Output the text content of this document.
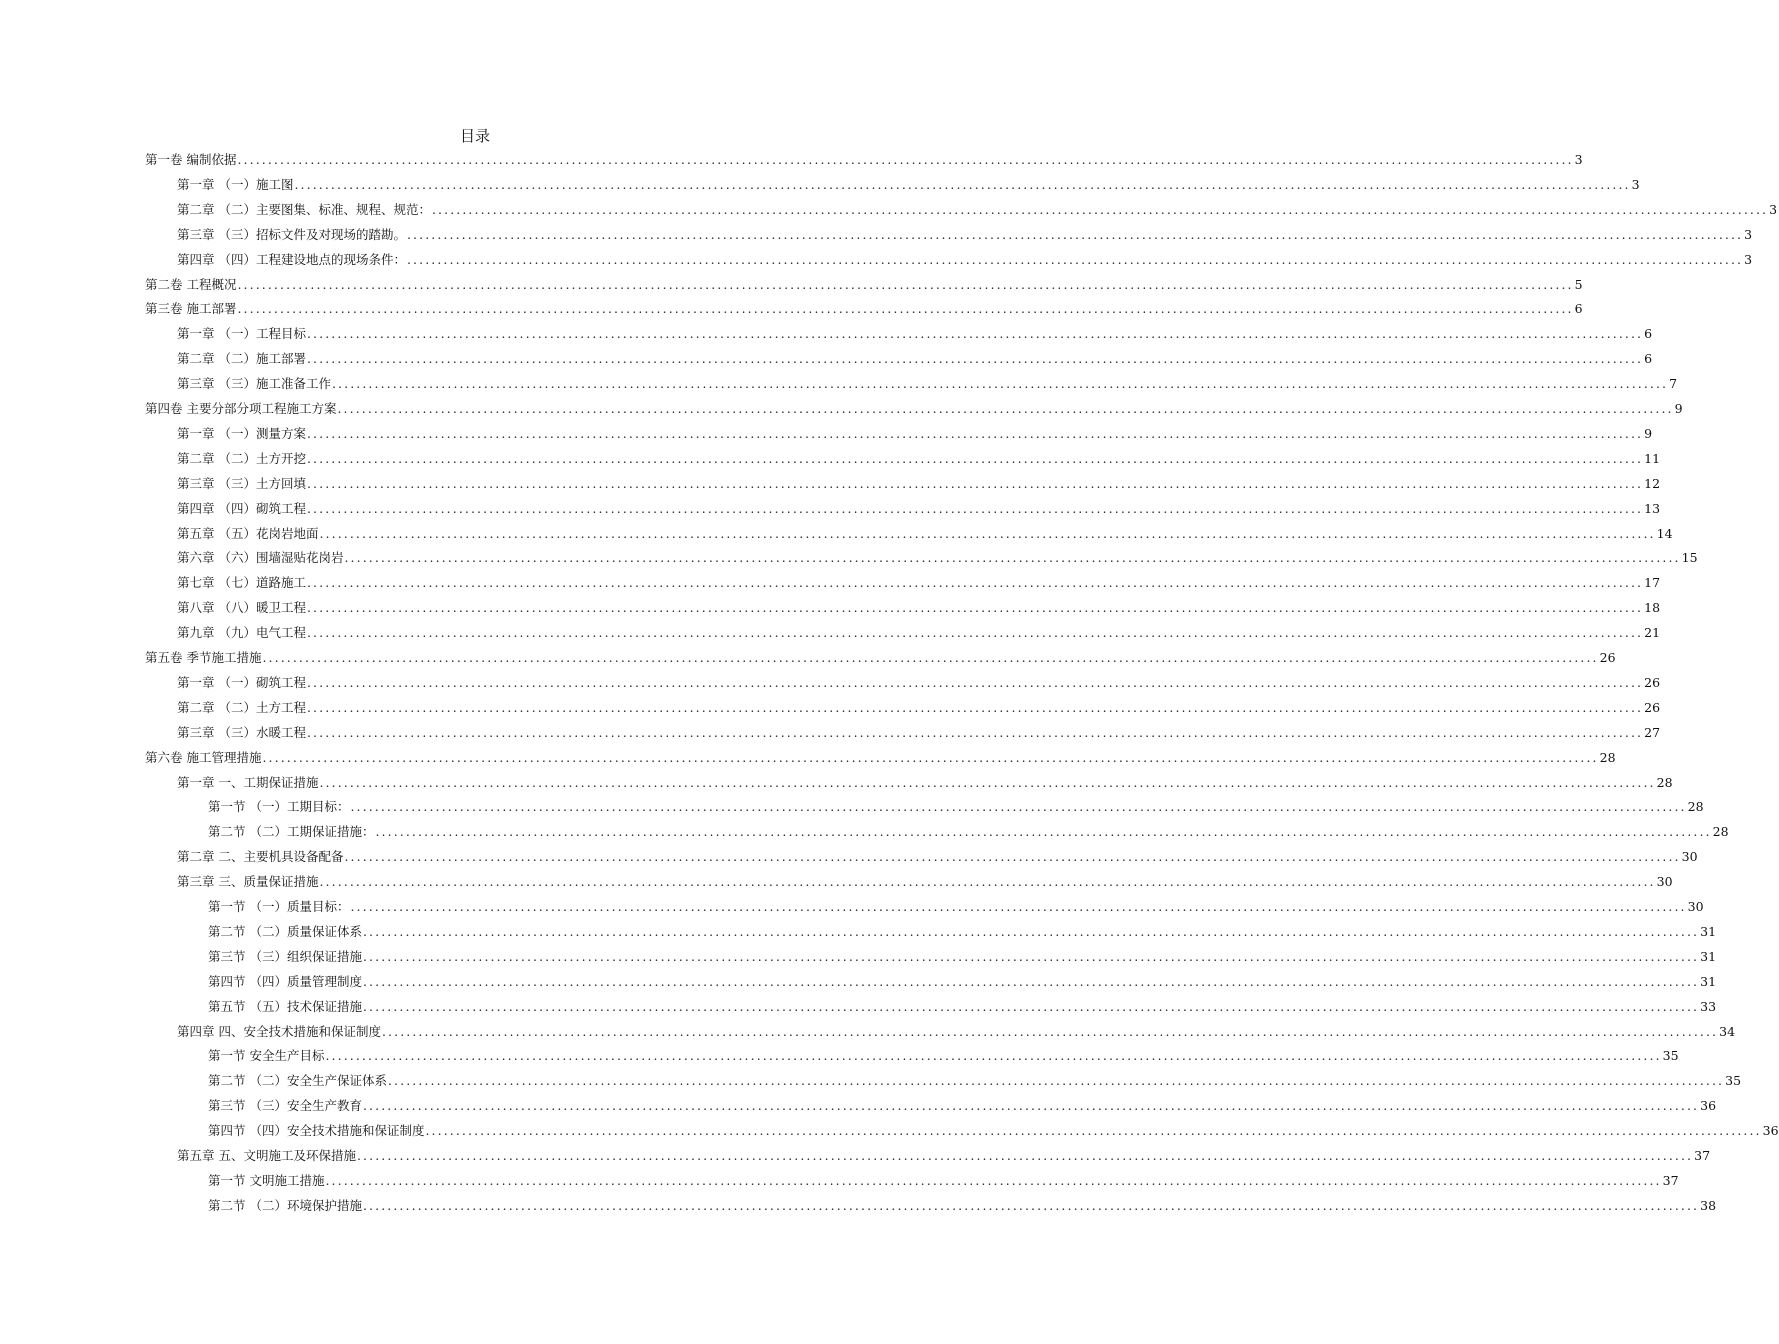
目录
第一卷 编制依据 ............................................................................................................................................................................................................................ 3
第一章 （一）施工图 ............................................................................................................................................................................................................................ 3
第二章 （二）主要图集、标准、规程、规范： ............................................................................................................................................................................................................................ 3
第三章 （三）招标文件及对现场的踏勘。 ............................................................................................................................................................................................................................ 3
第四章 （四）工程建设地点的现场条件： ............................................................................................................................................................................................................................ 3
第二卷 工程概况 ............................................................................................................................................................................................................................ 5
第三卷 施工部署 ............................................................................................................................................................................................................................ 6
第一章 （一）工程目标 ............................................................................................................................................................................................................................ 6
第二章 （二）施工部署 ............................................................................................................................................................................................................................ 6
第三章 （三）施工准备工作 ............................................................................................................................................................................................................................ 7
第四卷 主要分部分项工程施工方案 ............................................................................................................................................................................................................................ 9
第一章 （一）测量方案 ............................................................................................................................................................................................................................ 9
第二章 （二）土方开挖 ............................................................................................................................................................................................................................ 11
第三章 （三）土方回填 ............................................................................................................................................................................................................................ 12
第四章 （四）砌筑工程 ............................................................................................................................................................................................................................ 13
第五章 （五）花岗岩地面 ............................................................................................................................................................................................................................ 14
第六章 （六）围墙湿贴花岗岩 ............................................................................................................................................................................................................................ 15
第七章 （七）道路施工 ............................................................................................................................................................................................................................ 17
第八章 （八）暖卫工程 ............................................................................................................................................................................................................................ 18
第九章 （九）电气工程 ............................................................................................................................................................................................................................ 21
第五卷 季节施工措施 ............................................................................................................................................................................................................................ 26
第一章 （一）砌筑工程 ............................................................................................................................................................................................................................ 26
第二章 （二）土方工程 ............................................................................................................................................................................................................................ 26
第三章 （三）水暖工程 ............................................................................................................................................................................................................................ 27
第六卷 施工管理措施 ............................................................................................................................................................................................................................ 28
第一章 一、工期保证措施 ............................................................................................................................................................................................................................ 28
第一节 （一）工期目标： ............................................................................................................................................................................................................................ 28
第二节 （二）工期保证措施： ............................................................................................................................................................................................................................ 28
第二章 二、主要机具设备配备 ............................................................................................................................................................................................................................ 30
第三章 三、质量保证措施 ............................................................................................................................................................................................................................ 30
第一节 （一）质量目标： ............................................................................................................................................................................................................................ 30
第二节 （二）质量保证体系 ............................................................................................................................................................................................................................ 31
第三节 （三）组织保证措施 ............................................................................................................................................................................................................................ 31
第四节 （四）质量管理制度 ............................................................................................................................................................................................................................ 31
第五节 （五）技术保证措施 ............................................................................................................................................................................................................................ 33
第四章 四、安全技术措施和保证制度 ............................................................................................................................................................................................................................ 34
第一节 安全生产目标 ............................................................................................................................................................................................................................ 35
第二节 （二）安全生产保证体系 ............................................................................................................................................................................................................................ 35
第三节 （三）安全生产教育 ............................................................................................................................................................................................................................ 36
第四节 （四）安全技术措施和保证制度 ............................................................................................................................................................................................................................ 36
第五章 五、文明施工及环保措施 ............................................................................................................................................................................................................................ 37
第一节 文明施工措施 ............................................................................................................................................................................................................................ 37
第二节 （二）环境保护措施 ............................................................................................................................................................................................................................ 38
